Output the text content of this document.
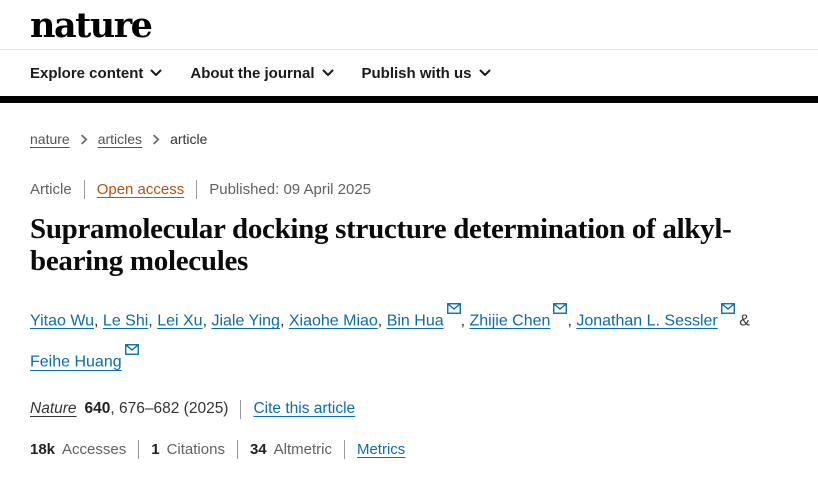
nature
Explore content	About the journal	Publish with us
nature articles article
Article Open access Published: 09 April 2025
Supramolecular docking structure determination of alkyl-bearing molecules

Yitao Wu, Le Shi, Lei Xu, Jiale Ying, Xiaohe Miao, Bin Hua , Zhijie Chen , Jonathan L. Sessler & Feihe Huang

Nature 640 , 676–682 (2025) Cite this article
18k Accesses 1 Citations 34 Altmetric Metrics
